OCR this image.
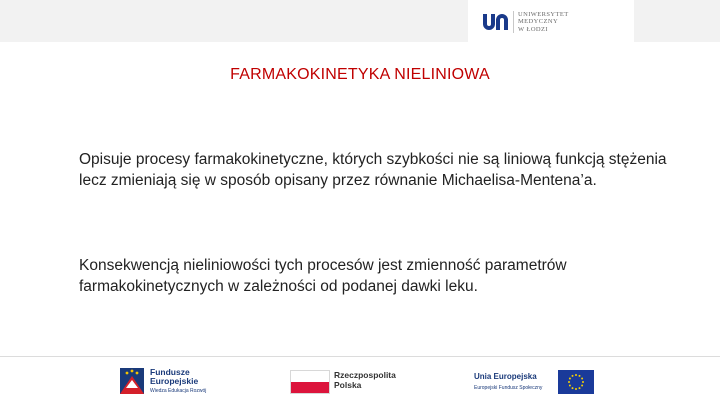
UNIWERSYTET
MEDYCZNY
W ŁODZI
FARMAKOKINETYKA NIELINIOWA

Opisuje procesy farmakokinetyczne, których szybkości nie są liniową funkcją stężenia lecz zmieniają się w sposób opisany przez równanie Michaelisa-Mentena’a.

Konsekwencją nieliniowości tych procesów jest zmienność parametrów farmakokinetycznych w zależności od podanej dawki leku.

Fundusze
Europejskie
Wiedza Edukacja Rozwój
Rzeczpospolita
Polska
Unia Europejska
Europejski Fundusz Społeczny
